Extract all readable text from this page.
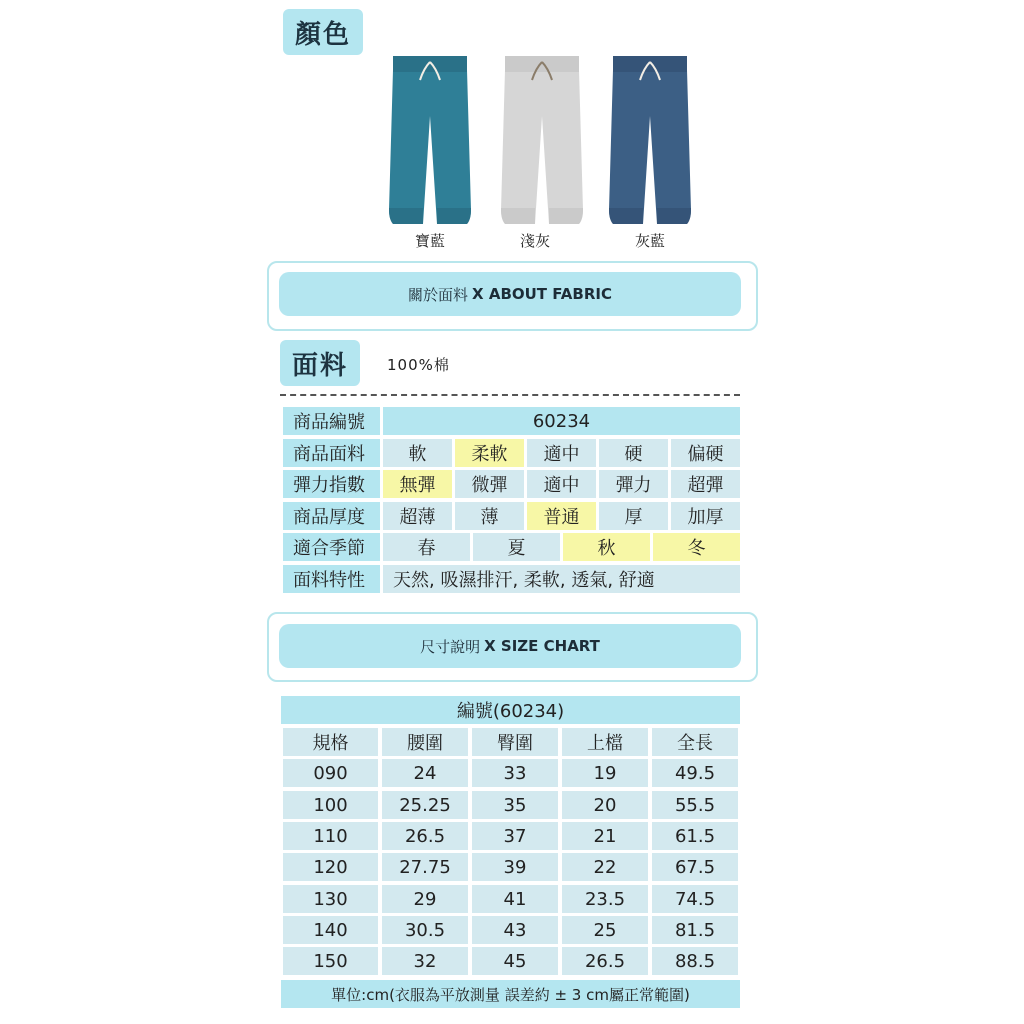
顏色
寶藍	淺灰	灰藍
關於面料 X ABOUT FABRIC
面料	100%棉
商品編號	60234
商品面料	軟	柔軟	適中	硬	偏硬
彈力指數	無彈	微彈	適中	彈力	超彈
商品厚度	超薄	薄	普通	厚	加厚
適合季節	春	夏	秋	冬
面料特性	天然, 吸濕排汗, 柔軟, 透氣, 舒適
尺寸說明 X SIZE CHART
編號(60234)
規格	腰圍	臀圍	上檔	全長
090	24	33	19	49.5
100	25.25	35	20	55.5
110	26.5	37	21	61.5
120	27.75	39	22	67.5
130	29	41	23.5	74.5
140	30.5	43	25	81.5
150	32	45	26.5	88.5
單位:cm(衣服為平放測量 誤差約 ± 3 cm屬正常範圍)
